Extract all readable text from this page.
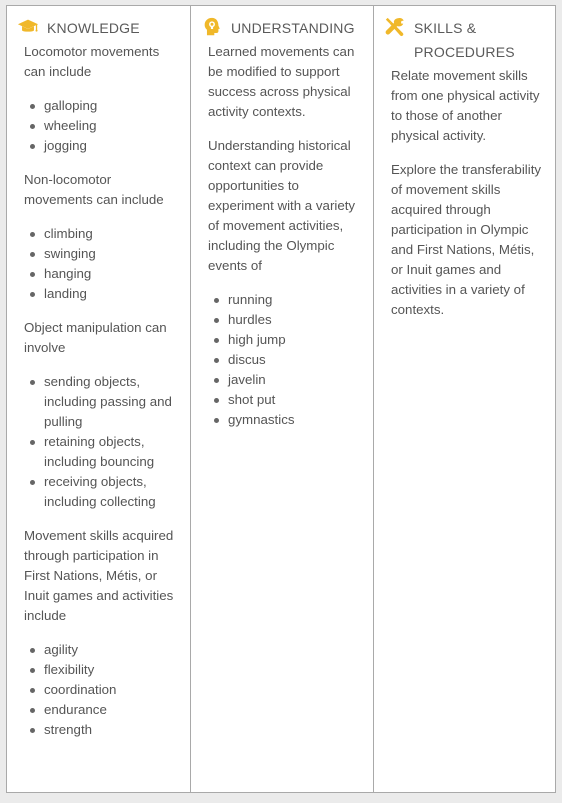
KNOWLEDGE

Locomotor movements can include

galloping
wheeling
jogging

Non-locomotor movements can include

climbing
swinging
hanging
landing

Object manipulation can involve

sending objects, including passing and pulling
retaining objects, including bouncing
receiving objects, including collecting

Movement skills acquired through participation in First Nations, Métis, or Inuit games and activities include

agility
flexibility
coordination
endurance
strength
UNDERSTANDING

Learned movements can be modified to support success across physical activity contexts.

Understanding historical context can provide opportunities to experiment with a variety of movement activities, including the Olympic events of

running
hurdles
high jump
discus
javelin
shot put
gymnastics
SKILLS & PROCEDURES

Relate movement skills from one physical activity to those of another physical activity.

Explore the transferability of movement skills acquired through participation in Olympic and First Nations, Métis, or Inuit games and activities in a variety of contexts.
